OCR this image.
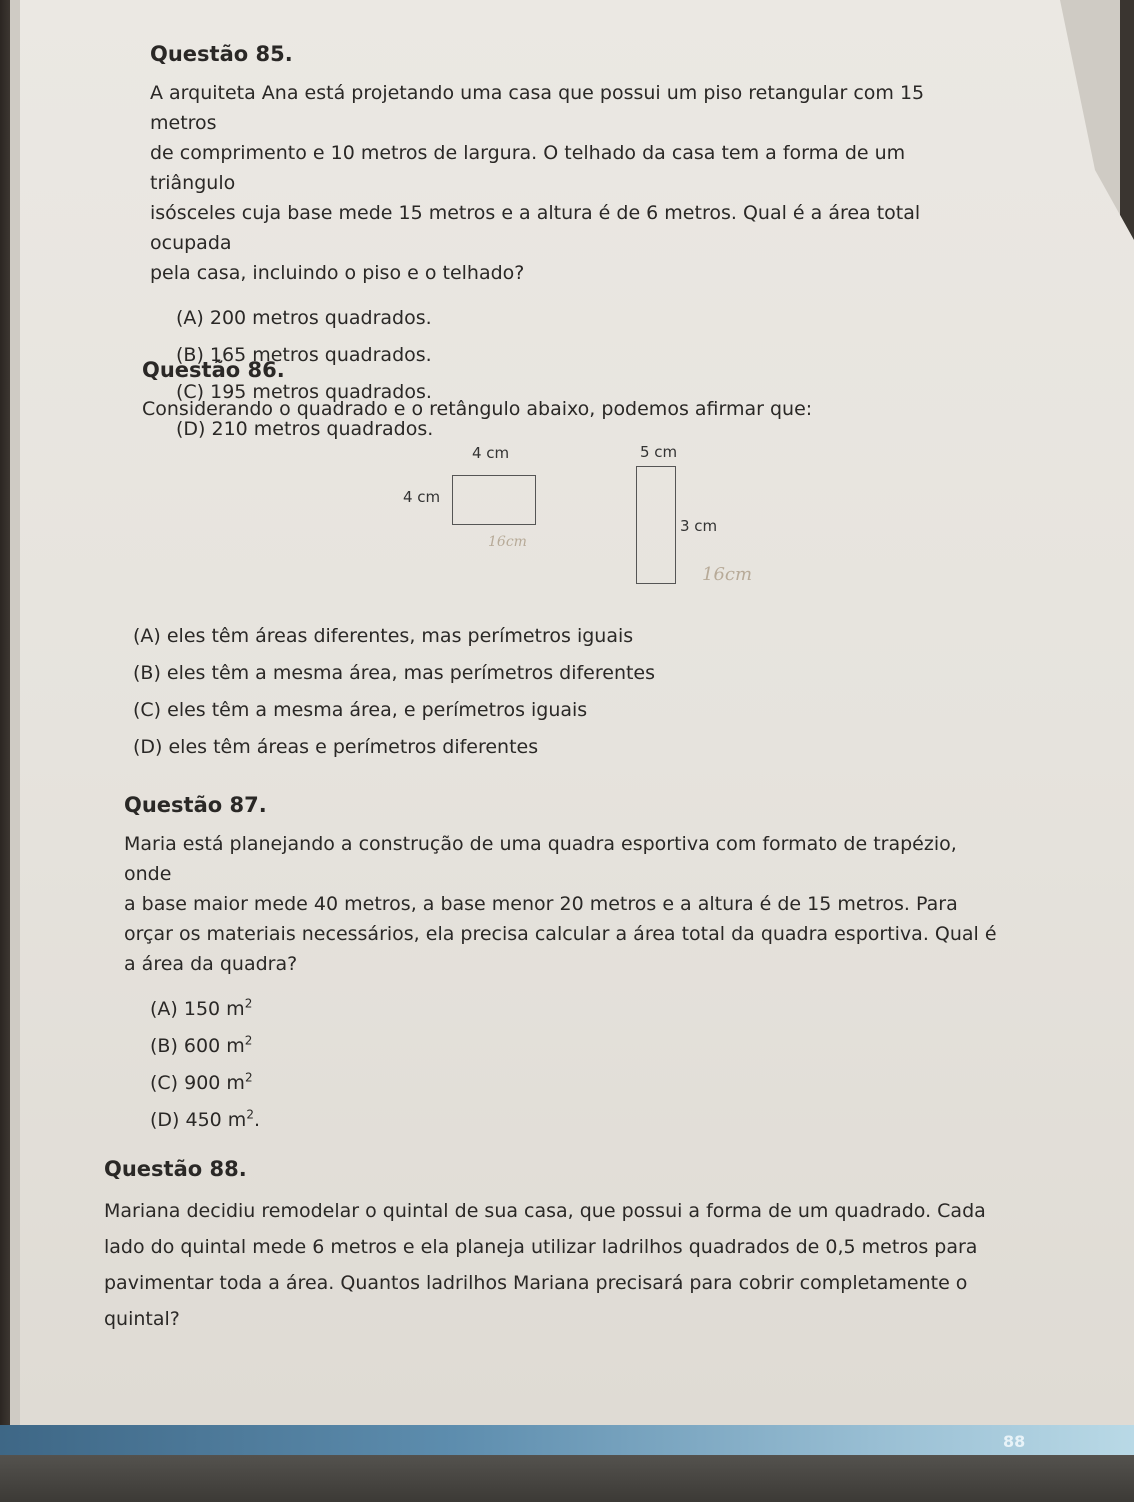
Questão 85.

A arquiteta Ana está projetando uma casa que possui um piso retangular com 15 metros
de comprimento e 10 metros de largura. O telhado da casa tem a forma de um triângulo
isósceles cuja base mede 15 metros e a altura é de 6 metros. Qual é a área total ocupada
pela casa, incluindo o piso e o telhado?

(A) 200 metros quadrados.
(B) 165 metros quadrados.
(C) 195 metros quadrados.
(D) 210 metros quadrados.
Questão 86.

Considerando o quadrado e o retângulo abaixo, podemos afirmar que:

4 cm
4 cm
16cm
5 cm
3 cm
16cm
(A) eles têm áreas diferentes, mas perímetros iguais
(B) eles têm a mesma área, mas perímetros diferentes
(C) eles têm a mesma área, e perímetros iguais
(D) eles têm áreas e perímetros diferentes
Questão 87.

Maria está planejando a construção de uma quadra esportiva com formato de trapézio, onde
a base maior mede 40 metros, a base menor 20 metros e a altura é de 15 metros. Para
orçar os materiais necessários, ela precisa calcular a área total da quadra esportiva. Qual é
a área da quadra?

(A) 150 $m^2$
(B) 600 $m^2$
(C) 900 $m^2$
(D) 450 $m^2$.
Questão 88.

Mariana decidiu remodelar o quintal de sua casa, que possui a forma de um quadrado. Cada
lado do quintal mede 6 metros e ela planeja utilizar ladrilhos quadrados de 0,5 metros para
pavimentar toda a área. Quantos ladrilhos Mariana precisará para cobrir completamente o
quintal?

88
